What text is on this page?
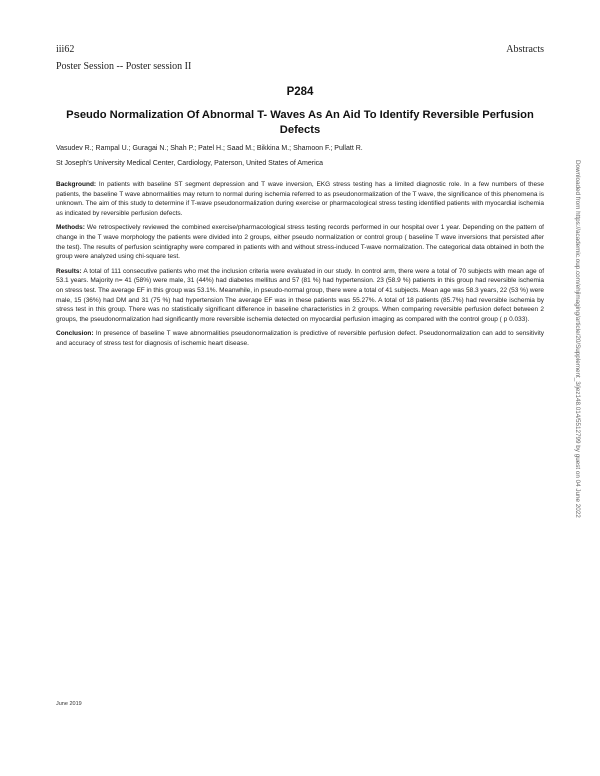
iii62	Abstracts
Poster Session -- Poster session II
P284
Pseudo Normalization Of Abnormal T- Waves As An Aid To Identify Reversible Perfusion Defects
Vasudev R.; Rampal U.; Guragai N.; Shah P.; Patel H.; Saad M.; Bikkina M.; Shamoon F.; Pullatt R.
St Joseph’s University Medical Center, Cardiology, Paterson, United States of America

Background: In patients with baseline ST segment depression and T wave inversion, EKG stress testing has a limited diagnostic role. In a few numbers of these patients, the baseline T wave abnormalities may return to normal during ischemia referred to as pseudonormalization of the T wave, the significance of this phenomena is unknown. The aim of this study to determine if T-wave pseudonormalization during exercise or pharmacological stress testing identified patients with myocardial ischemia as indicated by reversible perfusion defects.

Methods: We retrospectively reviewed the combined exercise/pharmacological stress testing records performed in our hospital over 1 year. Depending on the pattern of change in the T wave morphology the patients were divided into 2 groups, either pseudo normalization or control group ( baseline T wave inversions that persisted after the test). The results of perfusion scintigraphy were compared in patients with and without stress-induced T-wave normalization. The categorical data obtained in both the group were analyzed using chi-square test.

Results: A total of 111 consecutive patients who met the inclusion criteria were evaluated in our study. In control arm, there were a total of 70 subjects with mean age of 53.1 years. Majority n= 41 (58%) were male, 31 (44%) had diabetes mellitus and 57 (81 %) had hypertension. 23 (58.9 %) patients in this group had reversible ischemia on stress test. The average EF in this group was 53.1%. Meanwhile, in pseudo-normal group, there were a total of 41 subjects. Mean age was 58.3 years, 22 (53 %) were male, 15 (36%) had DM and 31 (75 %) had hypertension The average EF was in these patients was 55.27%. A total of 18 patients (85.7%) had reversible ischemia by stress test in this group. There was no statistically significant difference in baseline characteristics in 2 groups. When comparing reversible perfusion defect between 2 groups, the pseudonormalization had significantly more reversible ischemia detected on myocardial perfusion imaging as compared with the control group ( p 0.033).

Conclusion: In presence of baseline T wave abnormalities pseudonormalization is predictive of reversible perfusion defect. Pseudonormalization can add to sensitivity and accuracy of stress test for diagnosis of ischemic heart disease.

June 2019
Downloaded from https://academic.oup.com/ehjimaging/article/20/Supplement_3/jez148.014/5512799 by guest on 04 June 2022
